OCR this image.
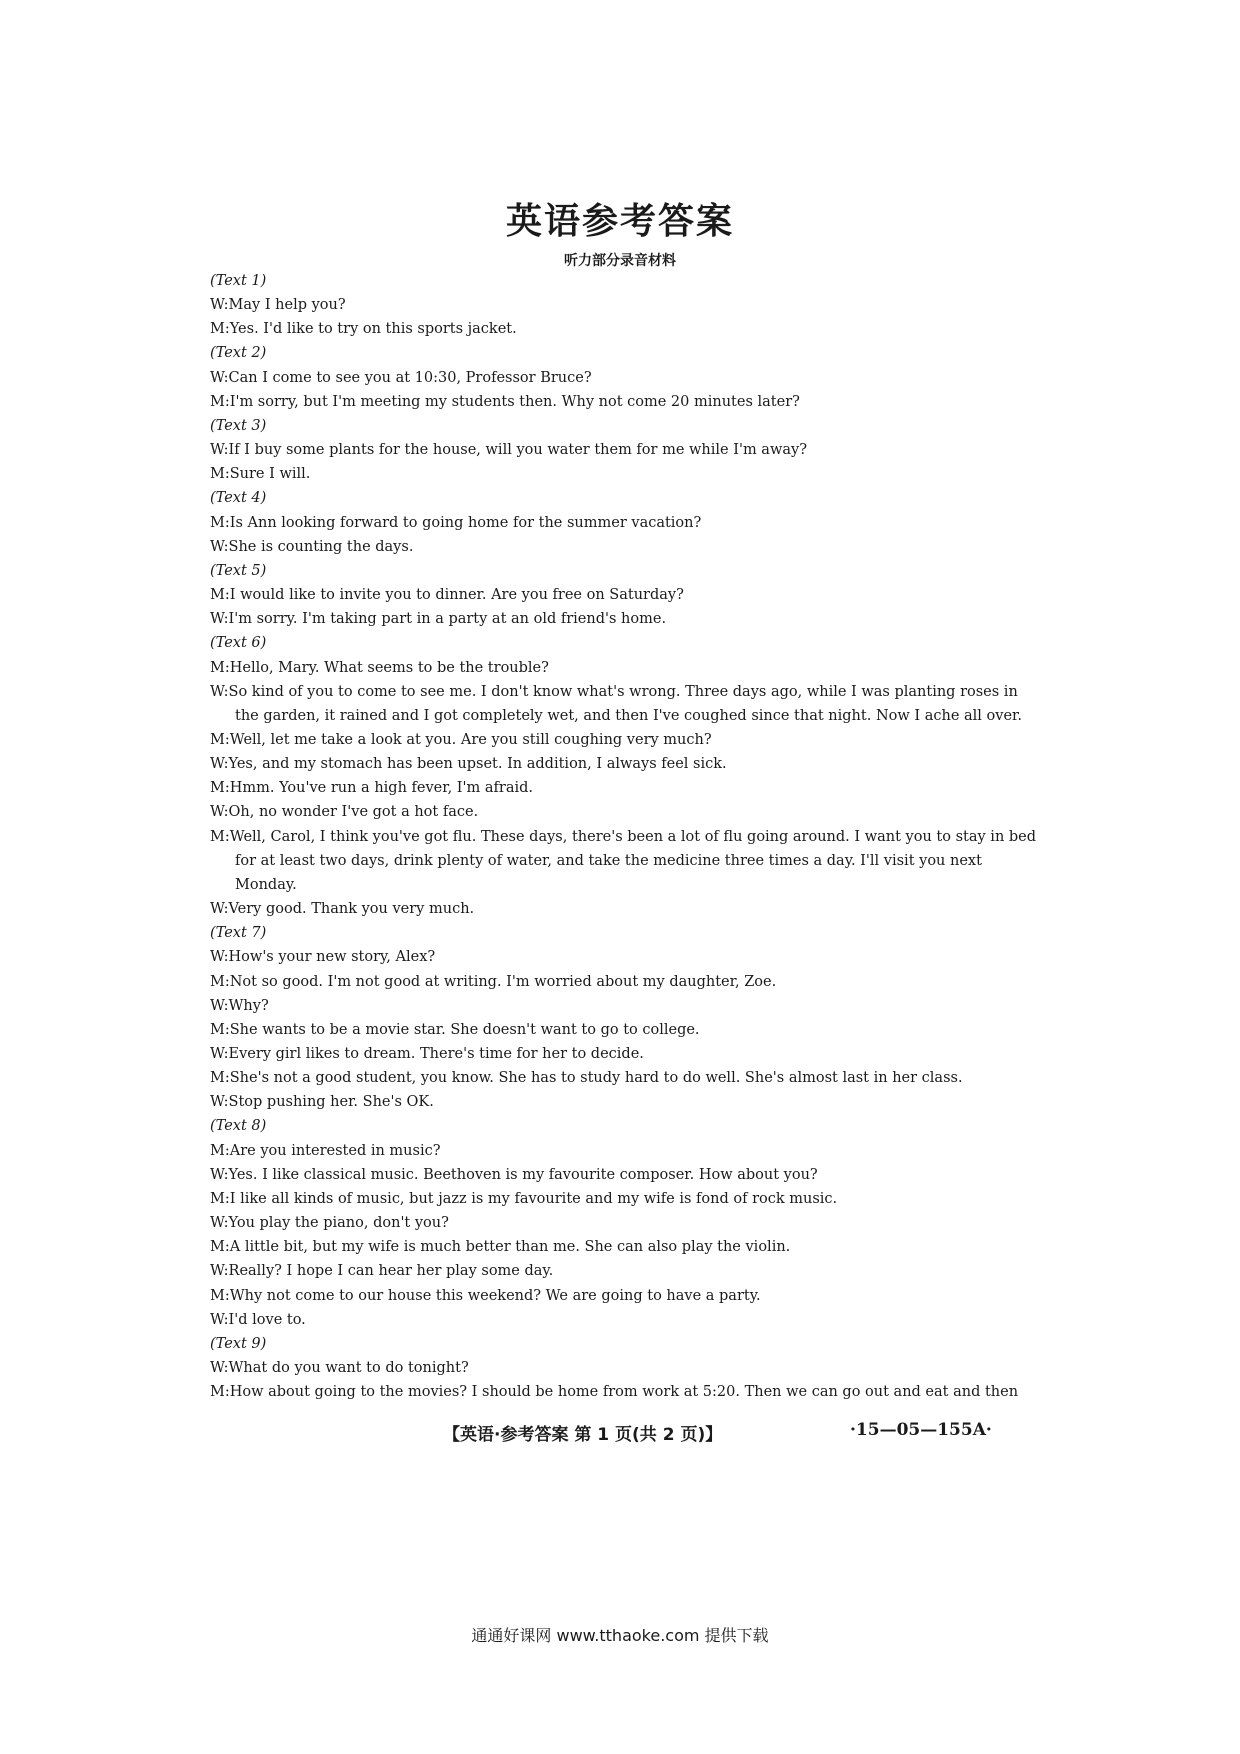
英语参考答案
听力部分录音材料
(Text 1)
W:May I help you?
M:Yes. I'd like to try on this sports jacket.
(Text 2)
W:Can I come to see you at 10:30, Professor Bruce?
M:I'm sorry, but I'm meeting my students then. Why not come 20 minutes later?
(Text 3)
W:If I buy some plants for the house, will you water them for me while I'm away?
M:Sure I will.
(Text 4)
M:Is Ann looking forward to going home for the summer vacation?
W:She is counting the days.
(Text 5)
M:I would like to invite you to dinner. Are you free on Saturday?
W:I'm sorry. I'm taking part in a party at an old friend's home.
(Text 6)
M:Hello, Mary. What seems to be the trouble?
W:So kind of you to come to see me. I don't know what's wrong. Three days ago, while I was planting roses in the garden, it rained and I got completely wet, and then I've coughed since that night. Now I ache all over.
M:Well, let me take a look at you. Are you still coughing very much?
W:Yes, and my stomach has been upset. In addition, I always feel sick.
M:Hmm. You've run a high fever, I'm afraid.
W:Oh, no wonder I've got a hot face.
M:Well, Carol, I think you've got flu. These days, there's been a lot of flu going around. I want you to stay in bed for at least two days, drink plenty of water, and take the medicine three times a day. I'll visit you next Monday.
W:Very good. Thank you very much.
(Text 7)
W:How's your new story, Alex?
M:Not so good. I'm not good at writing. I'm worried about my daughter, Zoe.
W:Why?
M:She wants to be a movie star. She doesn't want to go to college.
W:Every girl likes to dream. There's time for her to decide.
M:She's not a good student, you know. She has to study hard to do well. She's almost last in her class.
W:Stop pushing her. She's OK.
(Text 8)
M:Are you interested in music?
W:Yes. I like classical music. Beethoven is my favourite composer. How about you?
M:I like all kinds of music, but jazz is my favourite and my wife is fond of rock music.
W:You play the piano, don't you?
M:A little bit, but my wife is much better than me. She can also play the violin.
W:Really? I hope I can hear her play some day.
M:Why not come to our house this weekend? We are going to have a party.
W:I'd love to.
(Text 9)
W:What do you want to do tonight?
M:How about going to the movies? I should be home from work at 5:20. Then we can go out and eat and then
【英语·参考答案 第 1 页(共 2 页)】	·15—05—155A·
通通好课网 www.tthaoke.com 提供下载
